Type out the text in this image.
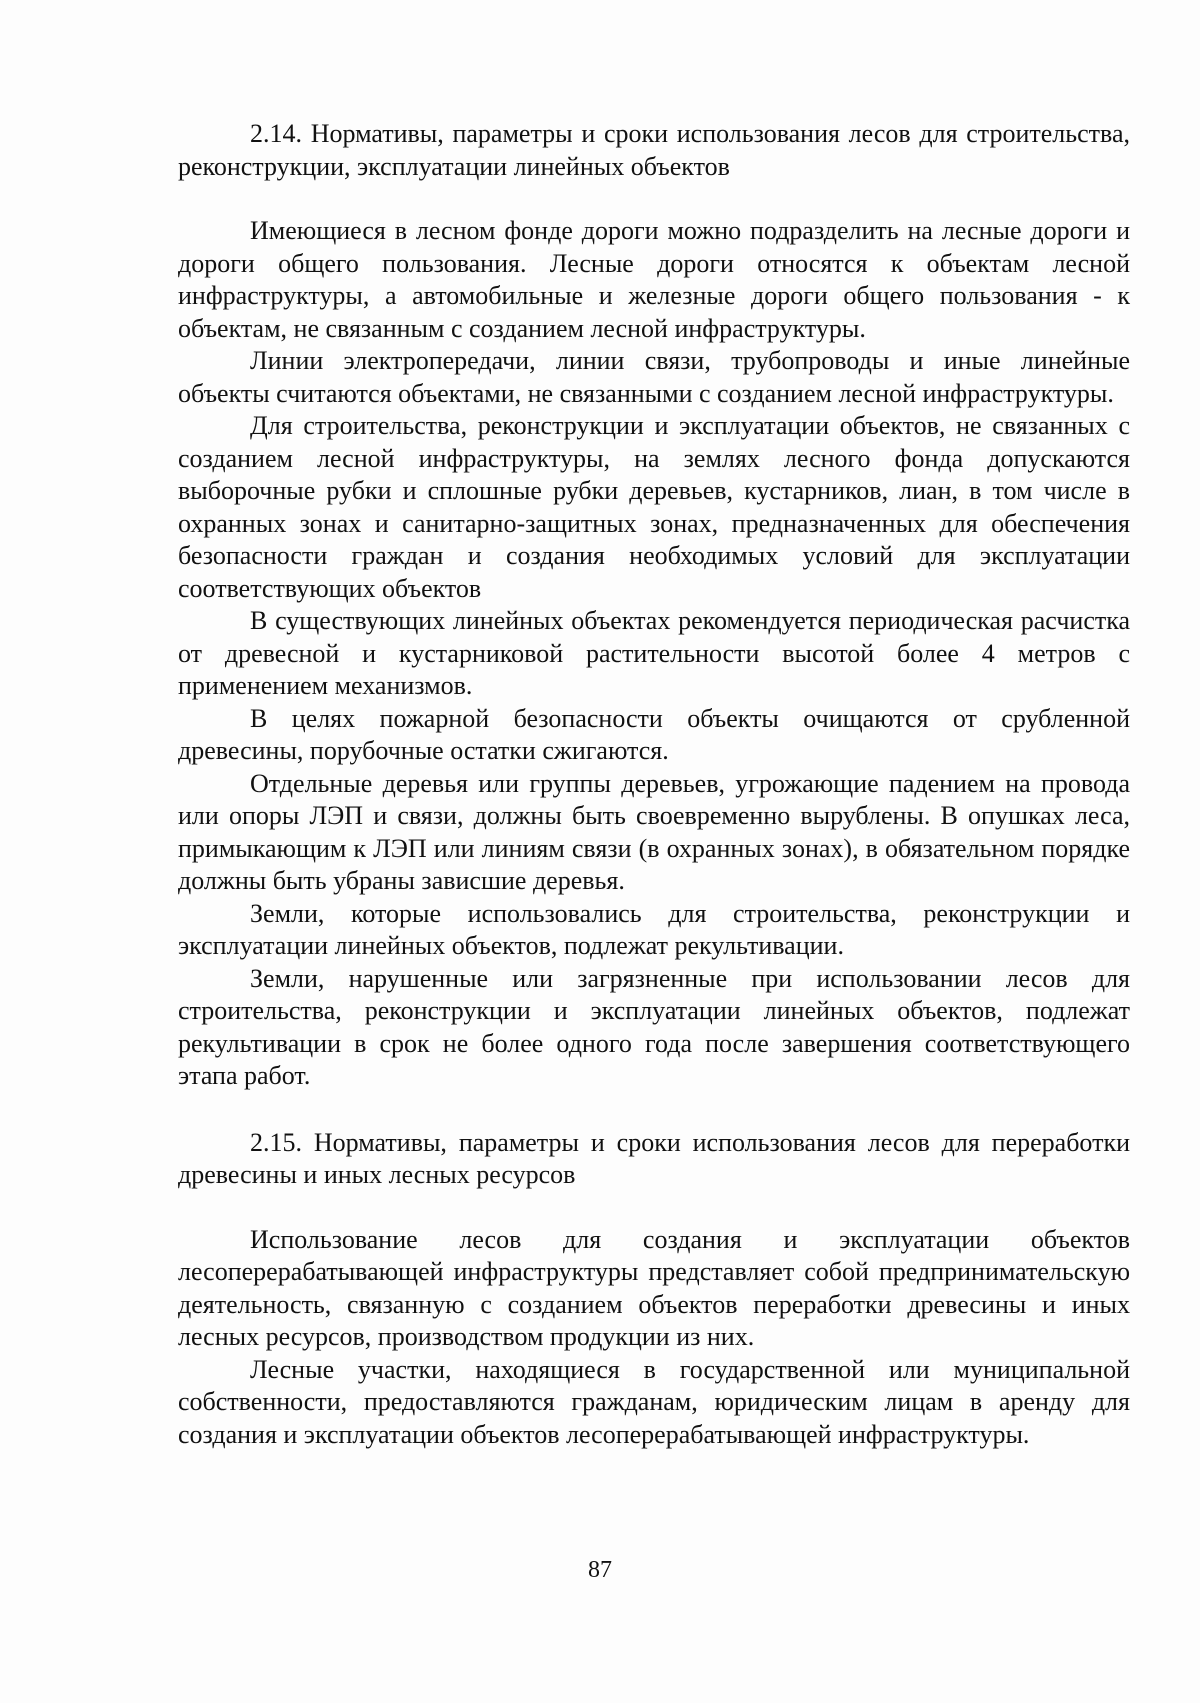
2.14. Нормативы, параметры и сроки использования лесов для строительства, реконструкции, эксплуатации линейных объектов

Имеющиеся в лесном фонде дороги можно подразделить на лесные дороги и дороги общего пользования. Лесные дороги относятся к объектам лесной инфраструктуры, а автомобильные и железные дороги общего пользования - к объектам, не связанным с созданием лесной инфраструктуры.

Линии электропередачи, линии связи, трубопроводы и иные линейные объекты считаются объектами, не связанными с созданием лесной инфраструктуры.

Для строительства, реконструкции и эксплуатации объектов, не связанных с созданием лесной инфраструктуры, на землях лесного фонда допускаются выборочные рубки и сплошные рубки деревьев, кустарников, лиан, в том числе в охранных зонах и санитарно-защитных зонах, предназначенных для обеспечения безопасности граждан и создания необходимых условий для эксплуатации соответствующих объектов

В существующих линейных объектах рекомендуется периодическая расчистка от древесной и кустарниковой растительности высотой более 4 метров с применением механизмов.

В целях пожарной безопасности объекты очищаются от срубленной древесины, порубочные остатки сжигаются.

Отдельные деревья или группы деревьев, угрожающие падением на провода или опоры ЛЭП и связи, должны быть своевременно вырублены. В опушках леса, примыкающим к ЛЭП или линиям связи (в охранных зонах), в обязательном порядке должны быть убраны зависшие деревья.

Земли, которые использовались для строительства, реконструкции и эксплуатации линейных объектов, подлежат рекультивации.

Земли, нарушенные или загрязненные при использовании лесов для строительства, реконструкции и эксплуатации линейных объектов, подлежат рекультивации в срок не более одного года после завершения соответствующего этапа работ.

2.15. Нормативы, параметры и сроки использования лесов для переработки древесины и иных лесных ресурсов

Использование лесов для создания и эксплуатации объектов лесоперерабатывающей инфраструктуры представляет собой предпринимательскую деятельность, связанную с созданием объектов переработки древесины и иных лесных ресурсов, производством продукции из них.

Лесные участки, находящиеся в государственной или муниципальной собственности, предоставляются гражданам, юридическим лицам в аренду для создания и эксплуатации объектов лесоперерабатывающей инфраструктуры.

87
